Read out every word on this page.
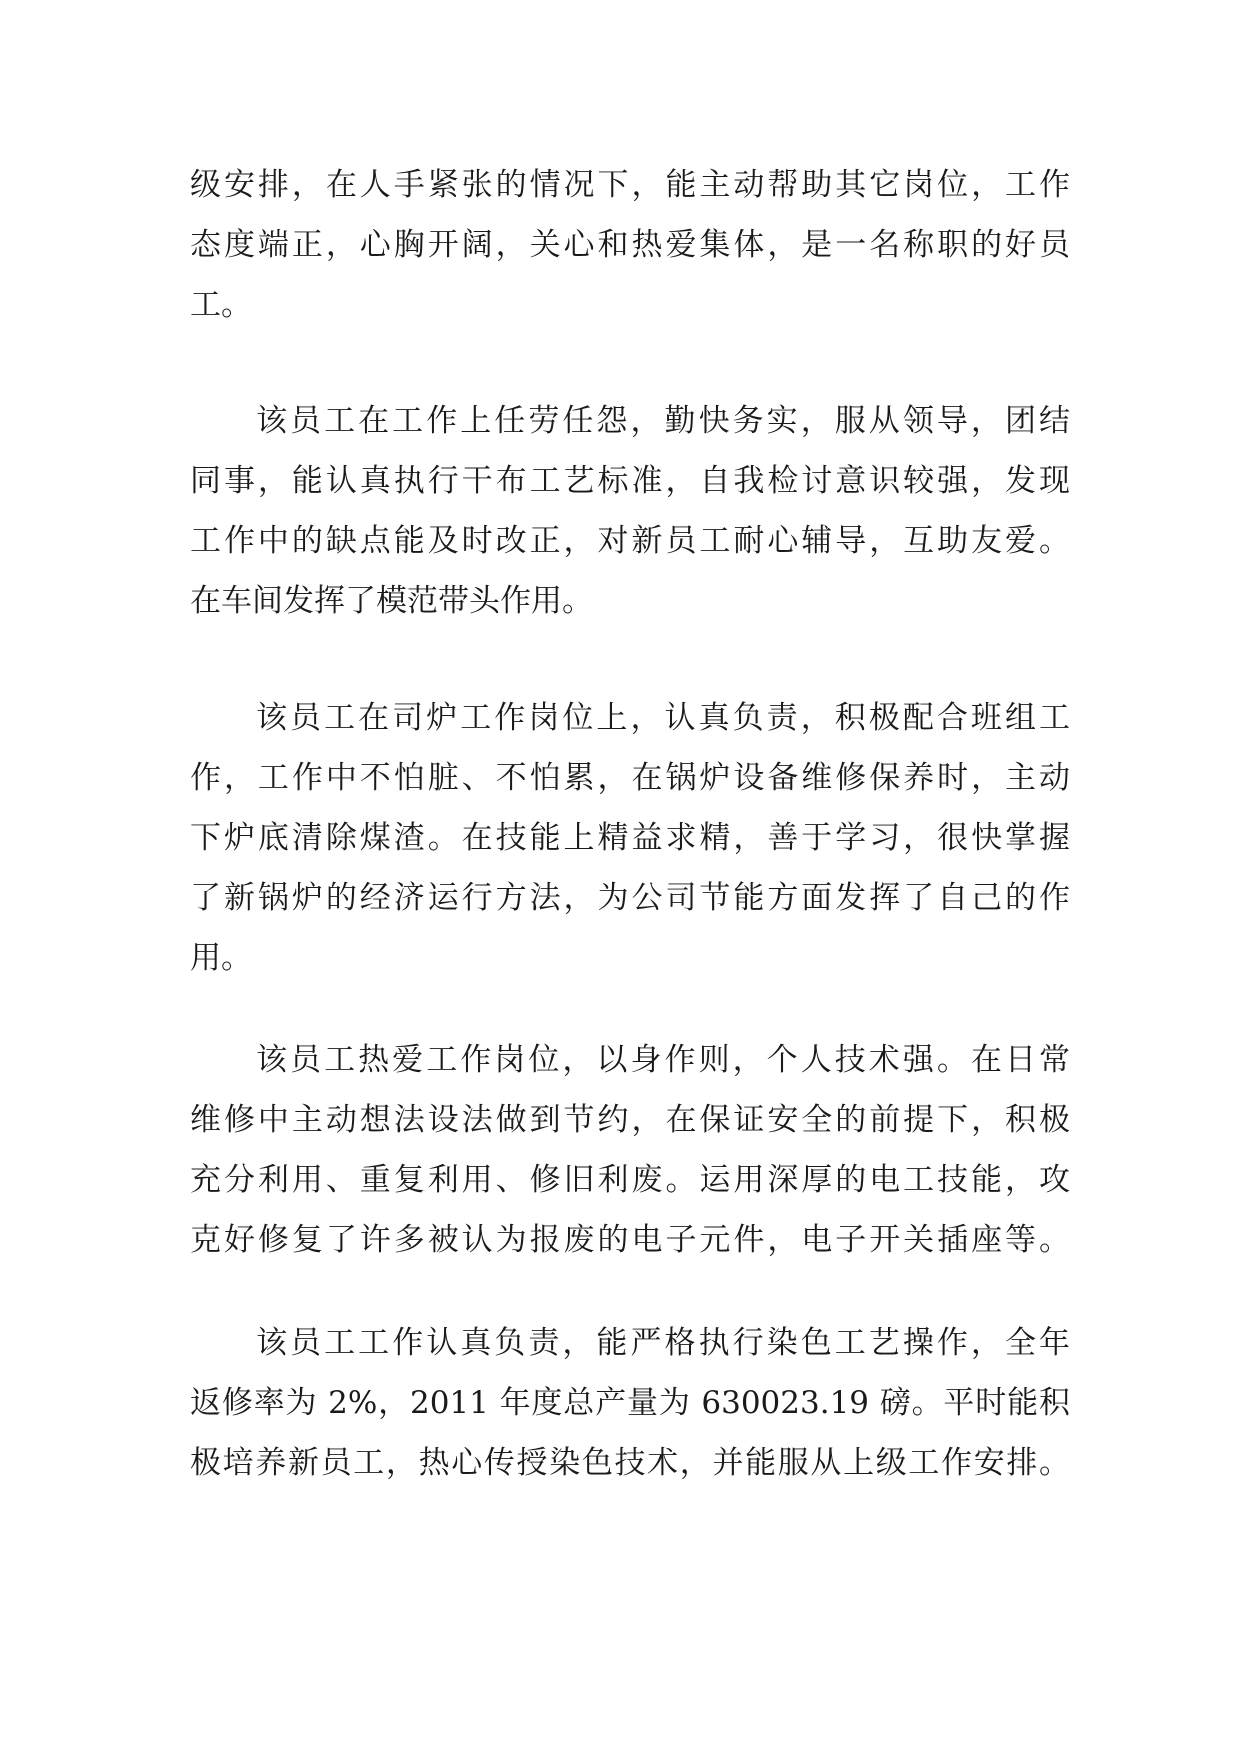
级安排，在人手紧张的情况下，能主动帮助其它岗位，工作
态度端正，心胸开阔，关心和热爱集体，是一名称职的好员
工。
该员工在工作上任劳任怨，勤快务实，服从领导，团结
同事，能认真执行干布工艺标准，自我检讨意识较强，发现
工作中的缺点能及时改正，对新员工耐心辅导，互助友爱。
在车间发挥了模范带头作用。
该员工在司炉工作岗位上，认真负责，积极配合班组工
作，工作中不怕脏、不怕累，在锅炉设备维修保养时，主动
下炉底清除煤渣。在技能上精益求精，善于学习，很快掌握
了新锅炉的经济运行方法，为公司节能方面发挥了自己的作
用。
该员工热爱工作岗位，以身作则，个人技术强。在日常
维修中主动想法设法做到节约，在保证安全的前提下，积极
充分利用、重复利用、修旧利废。运用深厚的电工技能，攻
克好修复了许多被认为报废的电子元件，电子开关插座等。
该员工工作认真负责，能严格执行染色工艺操作，全年
返修率为 2%，2011 年度总产量为 630023.19 磅。平时能积
极培养新员工，热心传授染色技术，并能服从上级工作安排。
